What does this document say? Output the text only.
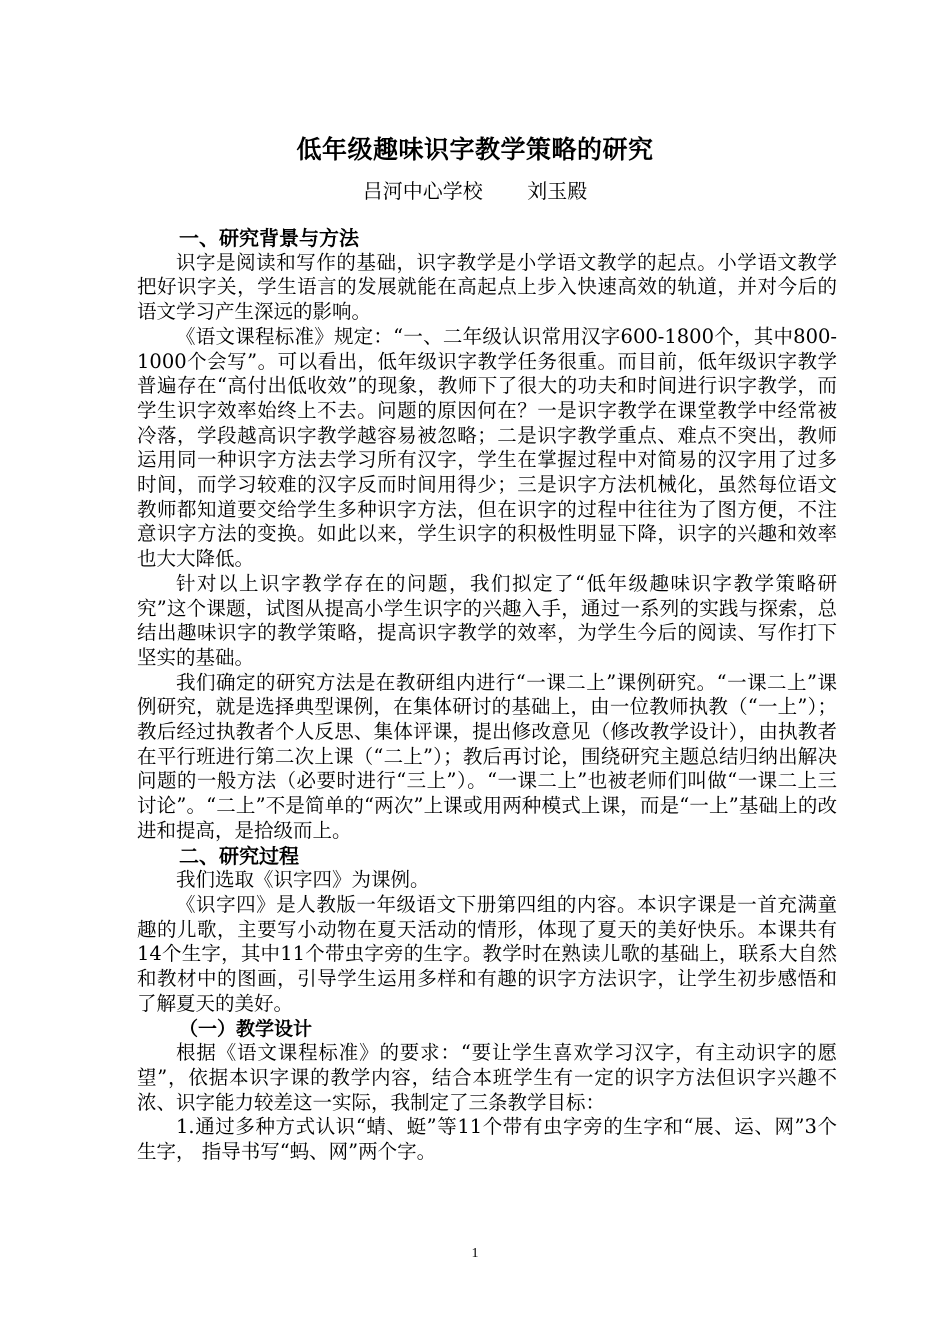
低年级趣味识字教学策略的研究
吕河中心学校       刘玉殿
一、研究背景与方法

识字是阅读和写作的基础，识字教学是小学语文教学的起点。小学语文教学把好识字关，学生语言的发展就能在高起点上步入快速高效的轨道，并对今后的语文学习产生深远的影响。

《语文课程标准》规定：“一、二年级认识常用汉字600-1800个，其中800-1000个会写”。可以看出，低年级识字教学任务很重。而目前，低年级识字教学普遍存在“高付出低收效”的现象，教师下了很大的功夫和时间进行识字教学，而学生识字效率始终上不去。问题的原因何在？一是识字教学在课堂教学中经常被冷落，学段越高识字教学越容易被忽略；二是识字教学重点、难点不突出，教师运用同一种识字方法去学习所有汉字，学生在掌握过程中对简易的汉字用了过多时间，而学习较难的汉字反而时间用得少；三是识字方法机械化，虽然每位语文教师都知道要交给学生多种识字方法，但在识字的过程中往往为了图方便，不注意识字方法的变换。如此以来，学生识字的积极性明显下降，识字的兴趣和效率也大大降低。

针对以上识字教学存在的问题，我们拟定了“低年级趣味识字教学策略研究”这个课题，试图从提高小学生识字的兴趣入手，通过一系列的实践与探索，总结出趣味识字的教学策略，提高识字教学的效率，为学生今后的阅读、写作打下坚实的基础。

我们确定的研究方法是在教研组内进行“一课二上”课例研究。“一课二上”课例研究，就是选择典型课例，在集体研讨的基础上，由一位教师执教（“一上”）；教后经过执教者个人反思、集体评课，提出修改意见（修改教学设计），由执教者在平行班进行第二次上课（“二上”）；教后再讨论，围绕研究主题总结归纳出解决问题的一般方法（必要时进行“三上”）。“一课二上”也被老师们叫做“一课二上三讨论”。“二上”不是简单的“两次”上课或用两种模式上课，而是“一上”基础上的改进和提高，是拾级而上。

二、研究过程

我们选取《识字四》为课例。

《识字四》是人教版一年级语文下册第四组的内容。本识字课是一首充满童趣的儿歌，主要写小动物在夏天活动的情形，体现了夏天的美好快乐。本课共有14个生字，其中11个带虫字旁的生字。教学时在熟读儿歌的基础上，联系大自然和教材中的图画，引导学生运用多样和有趣的识字方法识字，让学生初步感悟和了解夏天的美好。

（一）教学设计

根据《语文课程标准》的要求：“要让学生喜欢学习汉字，有主动识字的愿望”，依据本识字课的教学内容，结合本班学生有一定的识字方法但识字兴趣不浓、识字能力较差这一实际，我制定了三条教学目标：

1.通过多种方式认识“蜻、蜓”等11个带有虫字旁的生字和“展、运、网”3个生字， 指导书写“蚂、网”两个字。

1
